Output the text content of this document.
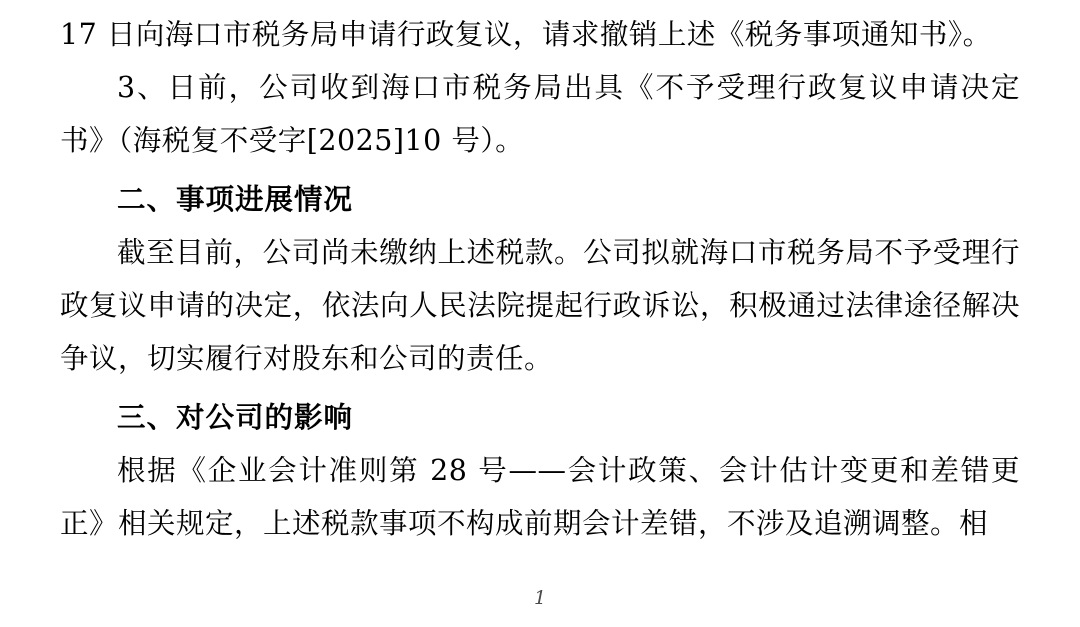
17 日向海口市税务局申请行政复议，请求撤销上述《税务事项通知书》。

3、日前，公司收到海口市税务局出具《不予受理行政复议申请决定书》（海税复不受字[2025]10 号）。

二、事项进展情况

截至目前，公司尚未缴纳上述税款。公司拟就海口市税务局不予受理行政复议申请的决定，依法向人民法院提起行政诉讼，积极通过法律途径解决争议，切实履行对股东和公司的责任。

三、对公司的影响

根据《企业会计准则第 28 号——会计政策、会计估计变更和差错更正》相关规定，上述税款事项不构成前期会计差错，不涉及追溯调整。相

1
